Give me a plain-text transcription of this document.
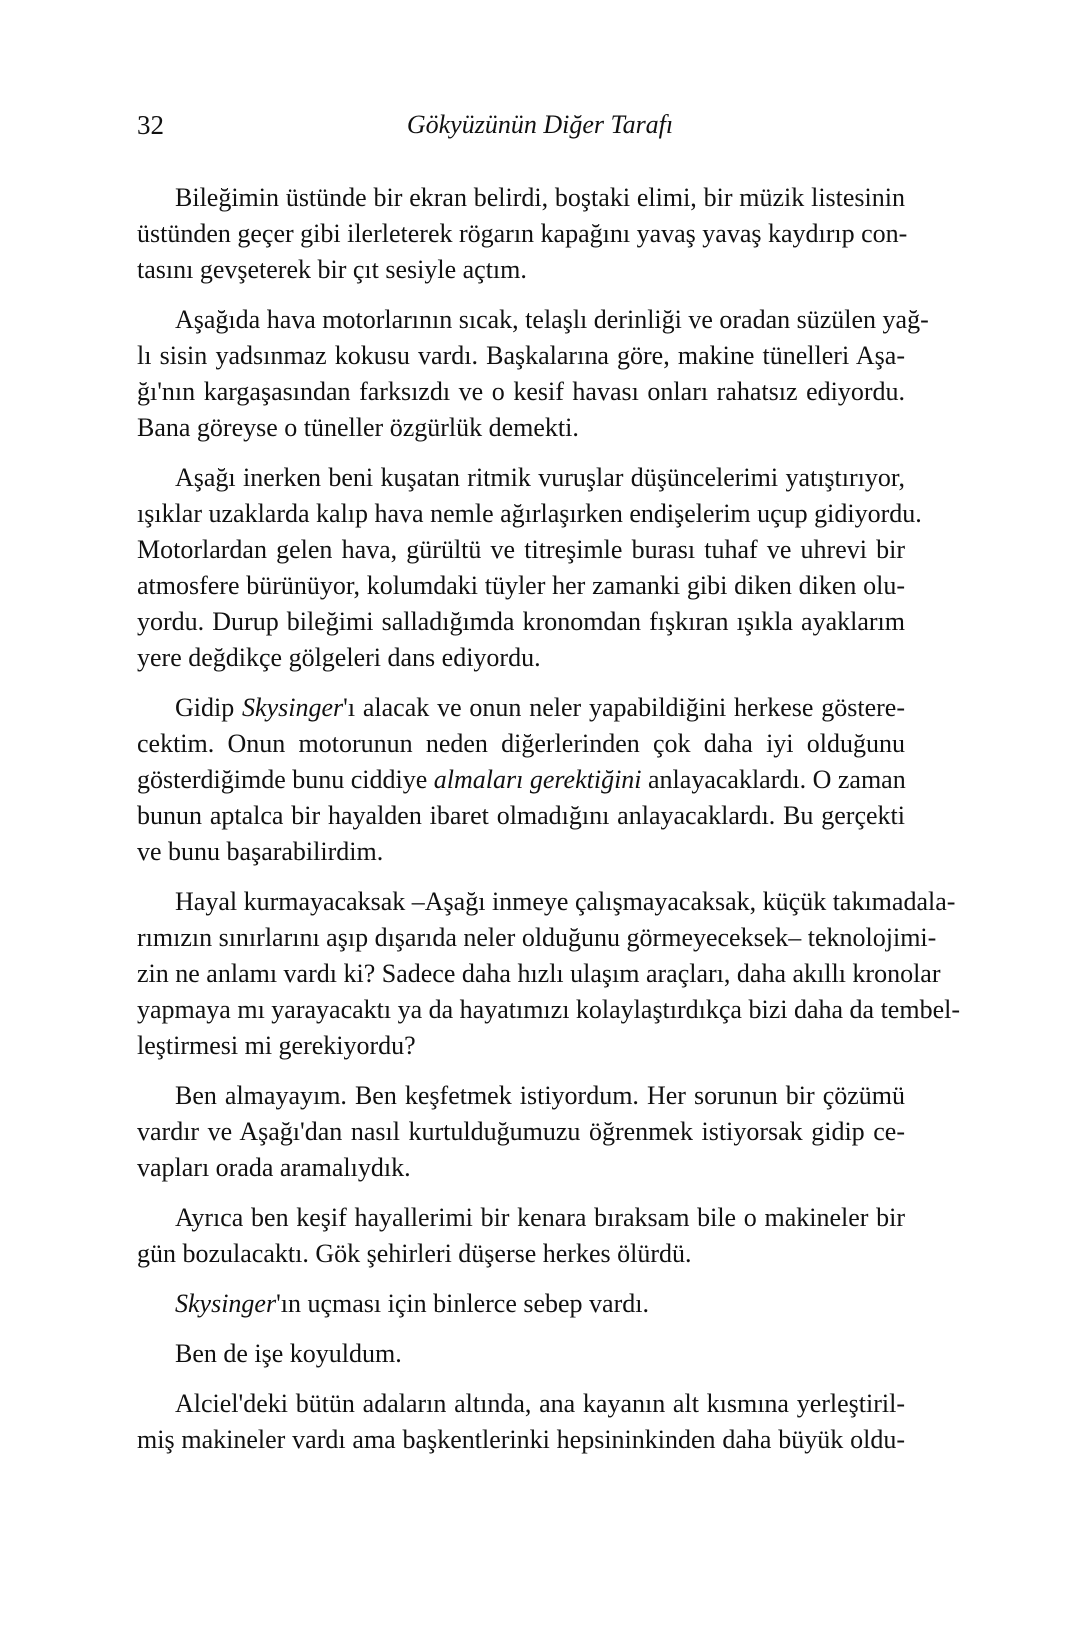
32	Gökyüzünün Diğer Tarafı
Bileğimin üstünde bir ekran belirdi, boştaki elimi, bir müzik listesinin
üstünden geçer gibi ilerleterek rögarın kapağını yavaş yavaş kaydırıp con-
tasını gevşeterek bir çıt sesiyle açtım.
Aşağıda hava motorlarının sıcak, telaşlı derinliği ve oradan süzülen yağ-
lı sisin yadsınmaz kokusu vardı. Başkalarına göre, makine tünelleri Aşa-
ğı'nın kargaşasından farksızdı ve o kesif havası onları rahatsız ediyordu.
Bana göreyse o tüneller özgürlük demekti.
Aşağı inerken beni kuşatan ritmik vuruşlar düşüncelerimi yatıştırıyor,
ışıklar uzaklarda kalıp hava nemle ağırlaşırken endişelerim uçup gidiyordu.
Motorlardan gelen hava, gürültü ve titreşimle burası tuhaf ve uhrevi bir
atmosfere bürünüyor, kolumdaki tüyler her zamanki gibi diken diken olu-
yordu. Durup bileğimi salladığımda kronomdan fışkıran ışıkla ayaklarım
yere değdikçe gölgeleri dans ediyordu.
Gidip Skysinger'ı alacak ve onun neler yapabildiğini herkese göstere-
cektim. Onun motorunun neden diğerlerinden çok daha iyi olduğunu
gösterdiğimde bunu ciddiye almaları gerektiğini anlayacaklardı. O zaman
bunun aptalca bir hayalden ibaret olmadığını anlayacaklardı. Bu gerçekti
ve bunu başarabilirdim.
Hayal kurmayacaksak –Aşağı inmeye çalışmayacaksak, küçük takımadala-
rımızın sınırlarını aşıp dışarıda neler olduğunu görmeyeceksek– teknolojimi-
zin ne anlamı vardı ki? Sadece daha hızlı ulaşım araçları, daha akıllı kronolar
yapmaya mı yarayacaktı ya da hayatımızı kolaylaştırdıkça bizi daha da tembel-
leştirmesi mi gerekiyordu?
Ben almayayım. Ben keşfetmek istiyordum. Her sorunun bir çözümü
vardır ve Aşağı'dan nasıl kurtulduğumuzu öğrenmek istiyorsak gidip ce-
vapları orada aramalıydık.
Ayrıca ben keşif hayallerimi bir kenara bıraksam bile o makineler bir
gün bozulacaktı. Gök şehirleri düşerse herkes ölürdü.
Skysinger'ın uçması için binlerce sebep vardı.
Ben de işe koyuldum.
Alciel'deki bütün adaların altında, ana kayanın alt kısmına yerleştiril-
miş makineler vardı ama başkentlerinki hepsininkinden daha büyük oldu-
